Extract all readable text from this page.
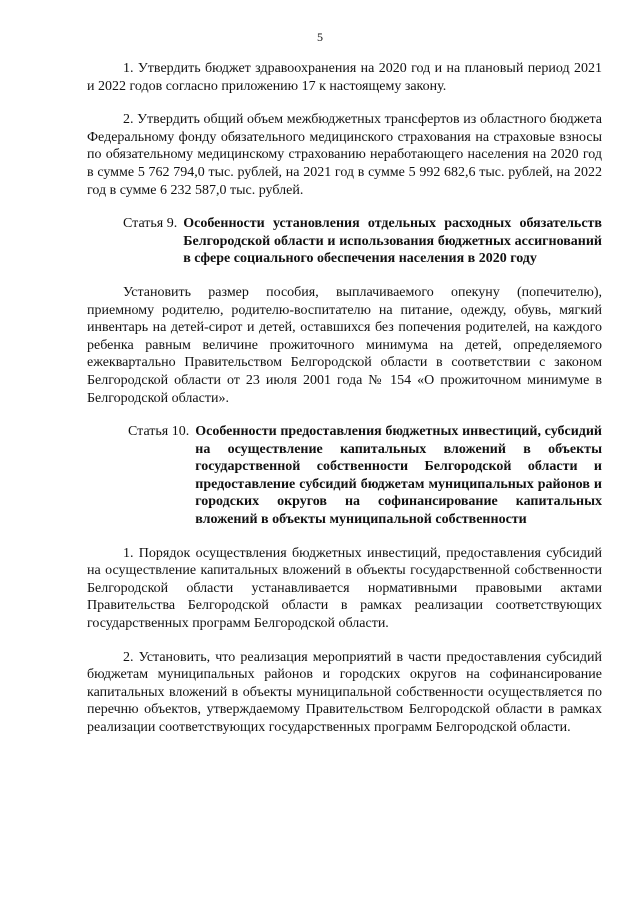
5

1. Утвердить бюджет здравоохранения на 2020 год и на плановый период 2021 и 2022 годов согласно приложению 17 к настоящему закону.

2. Утвердить общий объем межбюджетных трансфертов из областного бюджета Федеральному фонду обязательного медицинского страхования на страховые взносы по обязательному медицинскому страхованию неработающего населения на 2020 год в сумме 5 762 794,0 тыс. рублей, на 2021 год в сумме 5 992 682,6 тыс. рублей, на 2022 год в сумме 6 232 587,0 тыс. рублей.

Статья 9. Особенности установления отдельных расходных обязательств Белгородской области и использования бюджетных ассигнований в сфере социального обеспечения населения в 2020 году

Установить размер пособия, выплачиваемого опекуну (попечителю), приемному родителю, родителю-воспитателю на питание, одежду, обувь, мягкий инвентарь на детей-сирот и детей, оставшихся без попечения родителей, на каждого ребенка равным величине прожиточного минимума на детей, определяемого ежеквартально Правительством Белгородской области в соответствии с законом Белгородской области от 23 июля 2001 года № 154 «О прожиточном минимуме в Белгородской области».

Статья 10. Особенности предоставления бюджетных инвестиций, субсидий на осуществление капитальных вложений в объекты государственной собственности Белгородской области и предоставление субсидий бюджетам муниципальных районов и городских округов на софинансирование капитальных вложений в объекты муниципальной собственности

1. Порядок осуществления бюджетных инвестиций, предоставления субсидий на осуществление капитальных вложений в объекты государственной собственности Белгородской области устанавливается нормативными правовыми актами Правительства Белгородской области в рамках реализации соответствующих государственных программ Белгородской области.

2. Установить, что реализация мероприятий в части предоставления субсидий бюджетам муниципальных районов и городских округов на софинансирование капитальных вложений в объекты муниципальной собственности осуществляется по перечню объектов, утверждаемому Правительством Белгородской области в рамках реализации соответствующих государственных программ Белгородской области.
